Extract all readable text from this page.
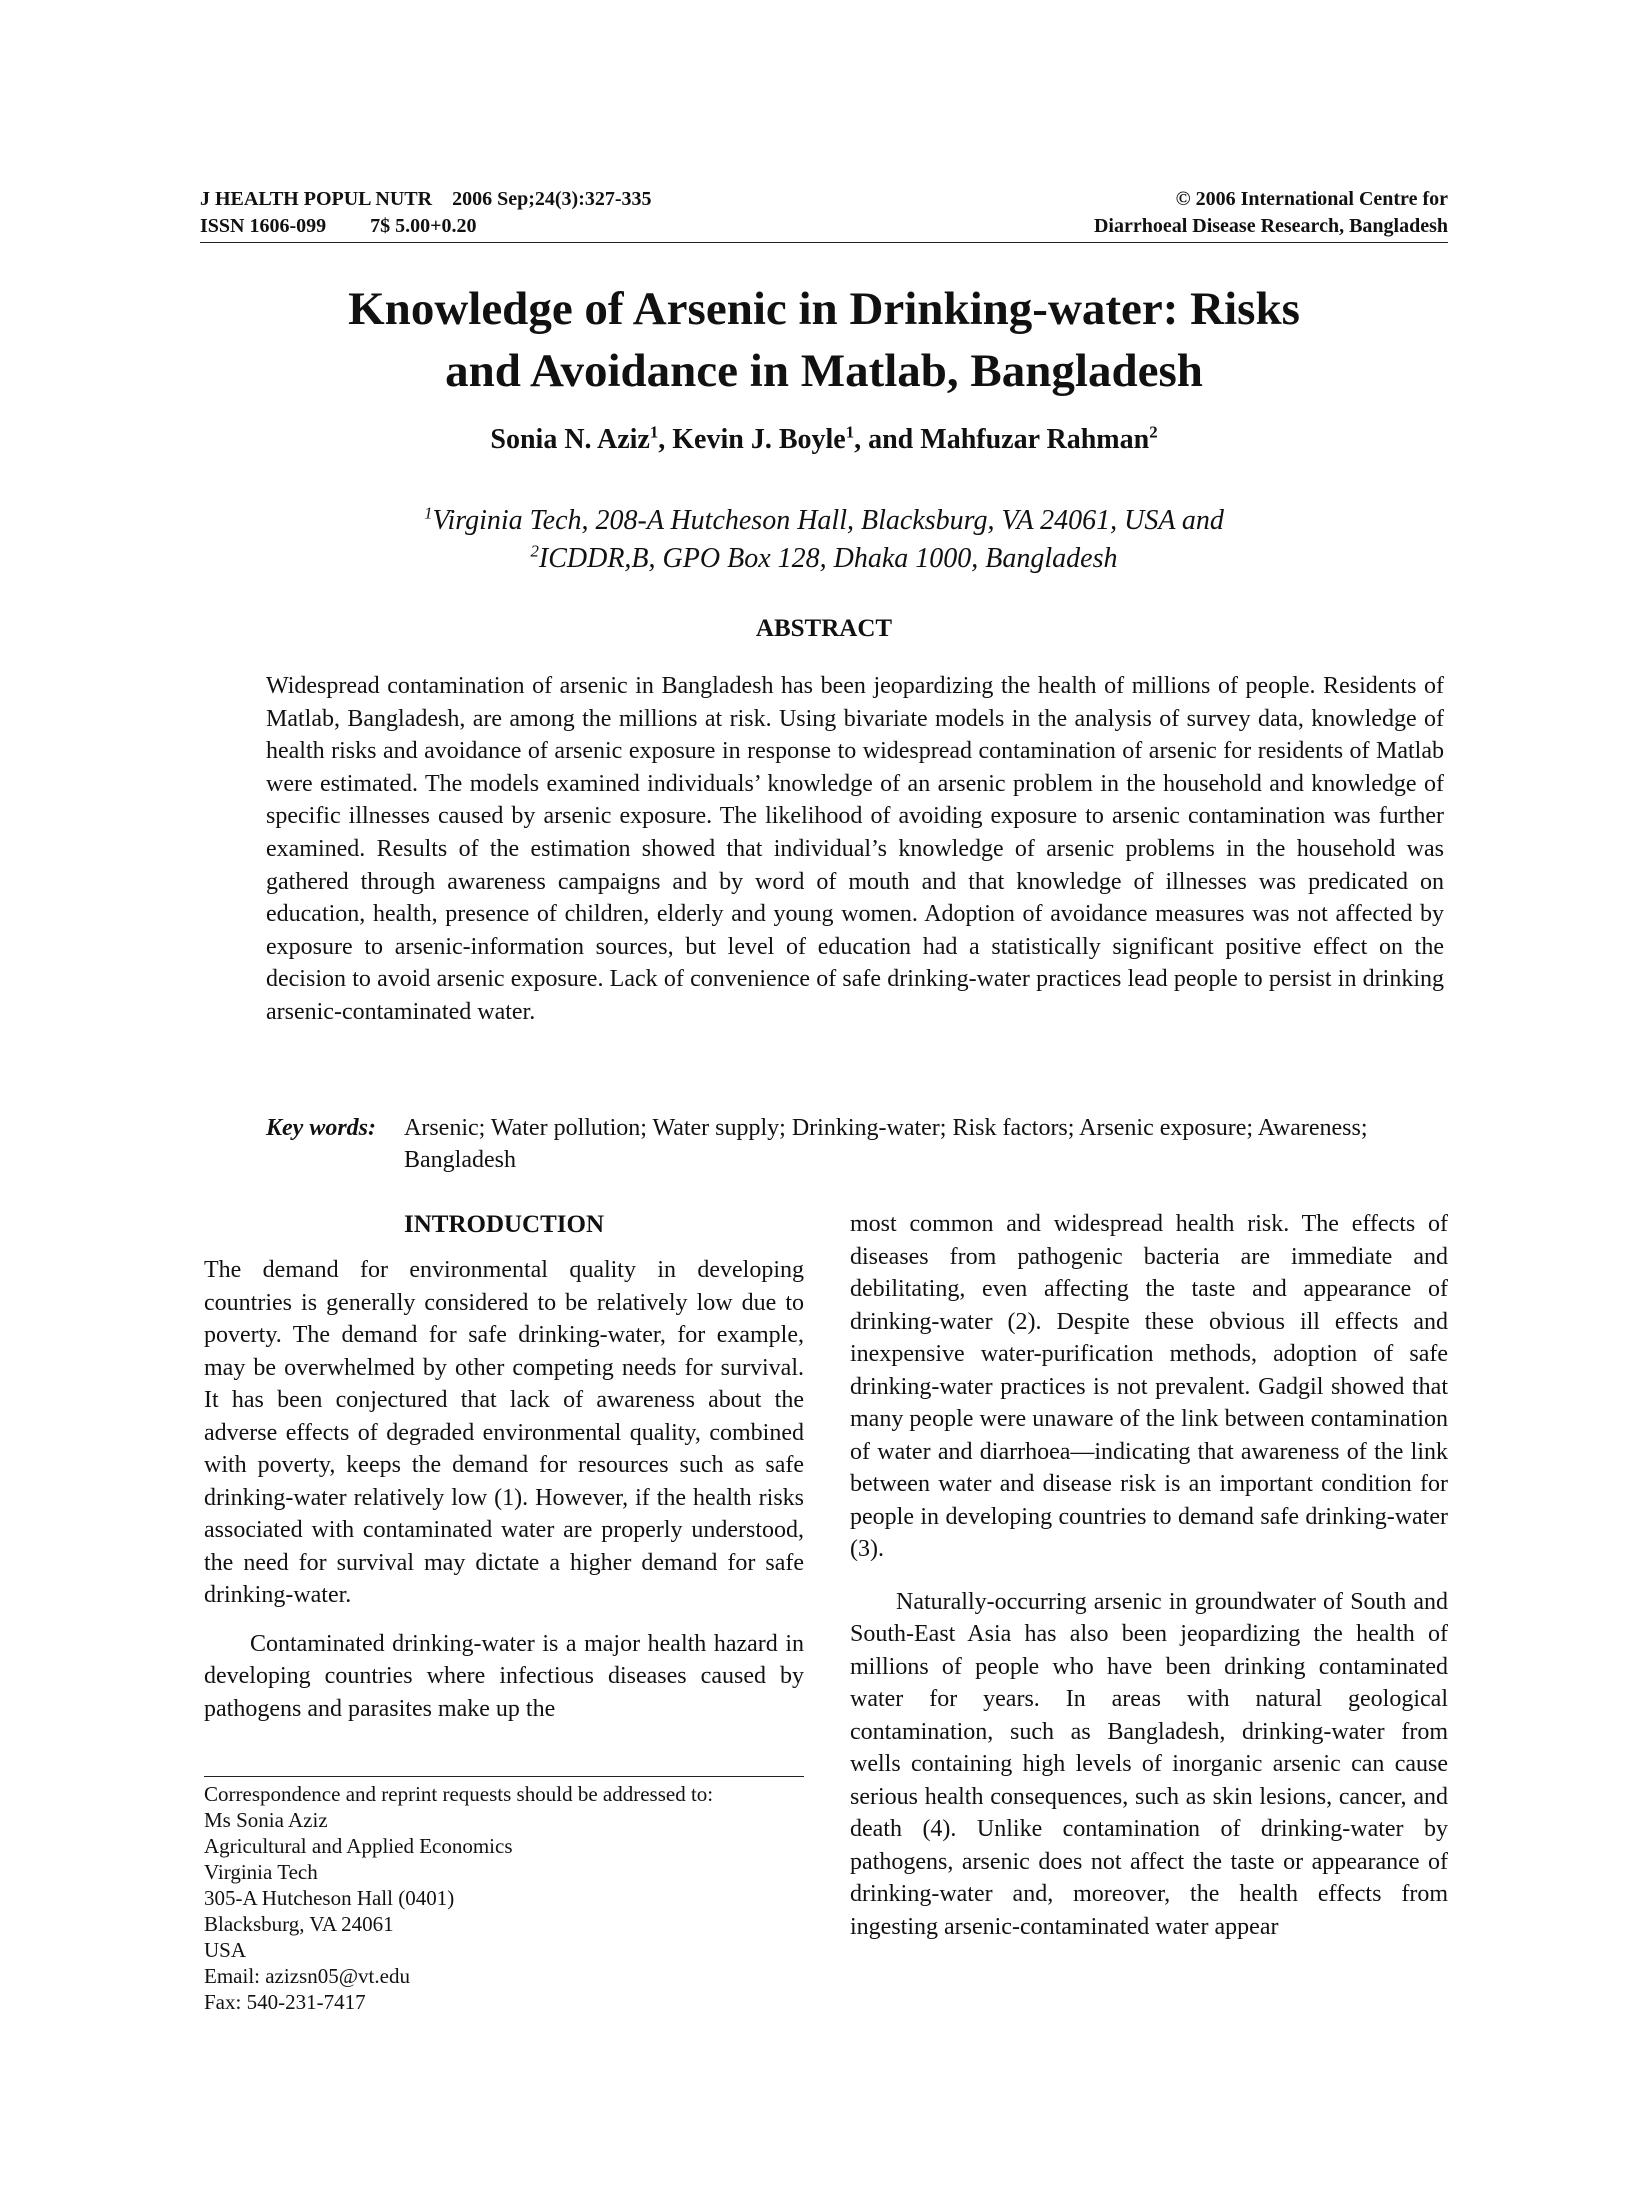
J HEALTH POPUL NUTR 2006 Sep;24(3):327-335	© 2006 International Centre for
ISSN 1606-099 7$ 5.00+0.20	Diarrhoeal Disease Research, Bangladesh
Knowledge of Arsenic in Drinking-water: Risks
and Avoidance in Matlab, Bangladesh
Sonia N. Aziz$^1$, Kevin J. Boyle$^1$, and Mahfuzar Rahman$^2$
$^1$Virginia Tech, 208-A Hutcheson Hall, Blacksburg, VA 24061, USA and
$^2$ICDDR,B, GPO Box 128, Dhaka 1000, Bangladesh
ABSTRACT
Widespread contamination of arsenic in Bangladesh has been jeopardizing the health of millions of people. Residents of Matlab, Bangladesh, are among the millions at risk. Using bivariate models in the analysis of survey data, knowledge of health risks and avoidance of arsenic exposure in response to widespread contamination of arsenic for residents of Matlab were estimated. The models examined individuals’ knowledge of an arsenic problem in the household and knowledge of specific illnesses caused by arsenic exposure. The likelihood of avoiding exposure to arsenic contamination was further examined. Results of the estimation showed that individual’s knowledge of arsenic problems in the household was gathered through awareness campaigns and by word of mouth and that knowledge of illnesses was predicated on education, health, presence of children, elderly and young women. Adoption of avoidance measures was not affected by exposure to arsenic-information sources, but level of education had a statistically significant positive effect on the decision to avoid arsenic exposure. Lack of convenience of safe drinking-water practices lead people to persist in drinking arsenic-contaminated water.
Key words:	Arsenic; Water pollution; Water supply; Drinking-water; Risk factors; Arsenic exposure; Awareness; Bangladesh
INTRODUCTION

The demand for environmental quality in developing countries is generally considered to be relatively low due to poverty. The demand for safe drinking-water, for example, may be overwhelmed by other competing needs for survival. It has been conjectured that lack of awareness about the adverse effects of degraded environmental quality, combined with poverty, keeps the demand for resources such as safe drinking-water relatively low (1). However, if the health risks associated with contaminated water are properly understood, the need for survival may dictate a higher demand for safe drinking-water.

Contaminated drinking-water is a major health hazard in developing countries where infectious diseases caused by pathogens and parasites make up the

most common and widespread health risk. The effects of diseases from pathogenic bacteria are immediate and debilitating, even affecting the taste and appearance of drinking-water (2). Despite these obvious ill effects and inexpensive water-purification methods, adoption of safe drinking-water practices is not prevalent. Gadgil showed that many people were unaware of the link between contamination of water and diarrhoea—indicating that awareness of the link between water and disease risk is an important condition for people in developing countries to demand safe drinking-water (3).

Naturally-occurring arsenic in groundwater of South and South-East Asia has also been jeopardizing the health of millions of people who have been drinking contaminated water for years. In areas with natural geological contamination, such as Bangladesh, drinking-water from wells containing high levels of inorganic arsenic can cause serious health consequences, such as skin lesions, cancer, and death (4). Unlike contamination of drinking-water by pathogens, arsenic does not affect the taste or appearance of drinking-water and, moreover, the health effects from ingesting arsenic-contaminated water appear

Correspondence and reprint requests should be addressed to:
Ms Sonia Aziz
Agricultural and Applied Economics
Virginia Tech
305-A Hutcheson Hall (0401)
Blacksburg, VA 24061
USA
Email: azizsn05@vt.edu
Fax: 540-231-7417
